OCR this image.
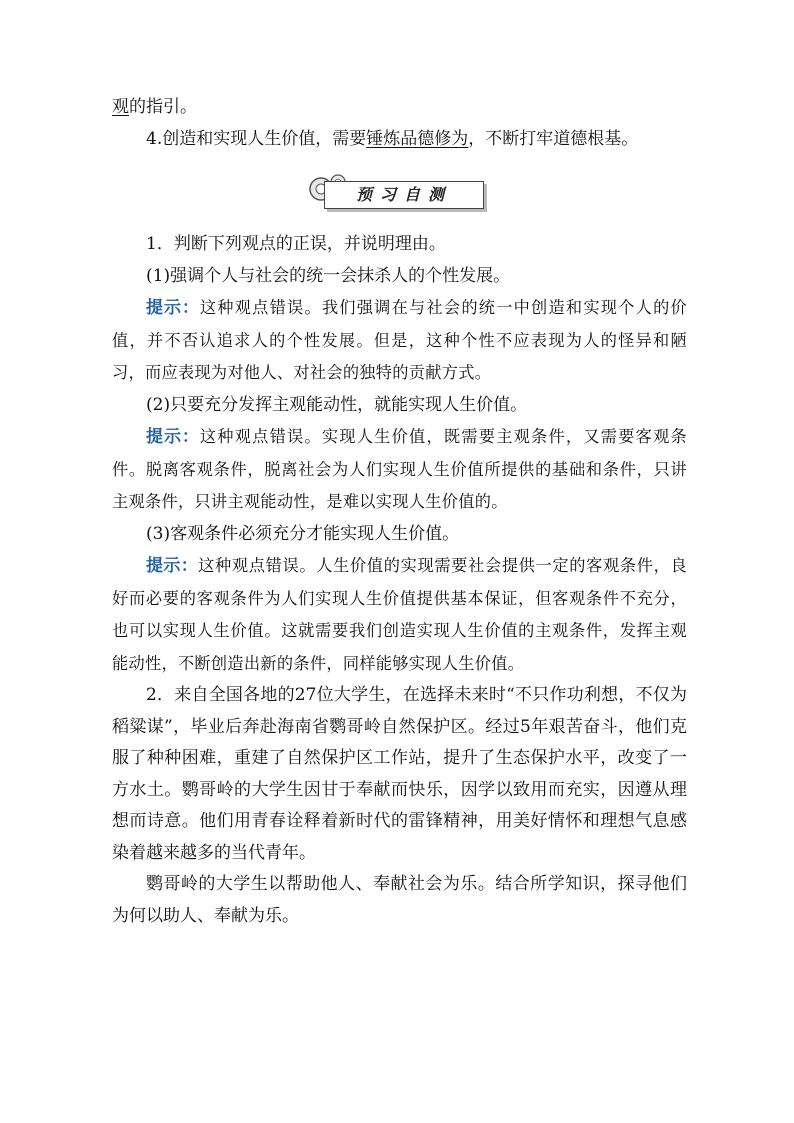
观的指引。

4.创造和实现人生价值，需要锤炼品德修为，不断打牢道德根基。

预习自测

1．判断下列观点的正误，并说明理由。

(1)强调个人与社会的统一会抹杀人的个性发展。

提示：这种观点错误。我们强调在与社会的统一中创造和实现个人的价值，并不否认追求人的个性发展。但是，这种个性不应表现为人的怪异和陋习，而应表现为对他人、对社会的独特的贡献方式。

(2)只要充分发挥主观能动性，就能实现人生价值。

提示：这种观点错误。实现人生价值，既需要主观条件，又需要客观条件。脱离客观条件，脱离社会为人们实现人生价值所提供的基础和条件，只讲主观条件，只讲主观能动性，是难以实现人生价值的。

(3)客观条件必须充分才能实现人生价值。

提示：这种观点错误。人生价值的实现需要社会提供一定的客观条件，良好而必要的客观条件为人们实现人生价值提供基本保证，但客观条件不充分，也可以实现人生价值。这就需要我们创造实现人生价值的主观条件，发挥主观能动性，不断创造出新的条件，同样能够实现人生价值。

2．来自全国各地的27位大学生，在选择未来时“不只作功利想，不仅为稻粱谋”，毕业后奔赴海南省鹦哥岭自然保护区。经过5年艰苦奋斗，他们克服了种种困难，重建了自然保护区工作站，提升了生态保护水平，改变了一方水土。鹦哥岭的大学生因甘于奉献而快乐，因学以致用而充实，因遵从理想而诗意。他们用青春诠释着新时代的雷锋精神，用美好情怀和理想气息感染着越来越多的当代青年。

鹦哥岭的大学生以帮助他人、奉献社会为乐。结合所学知识，探寻他们为何以助人、奉献为乐。
